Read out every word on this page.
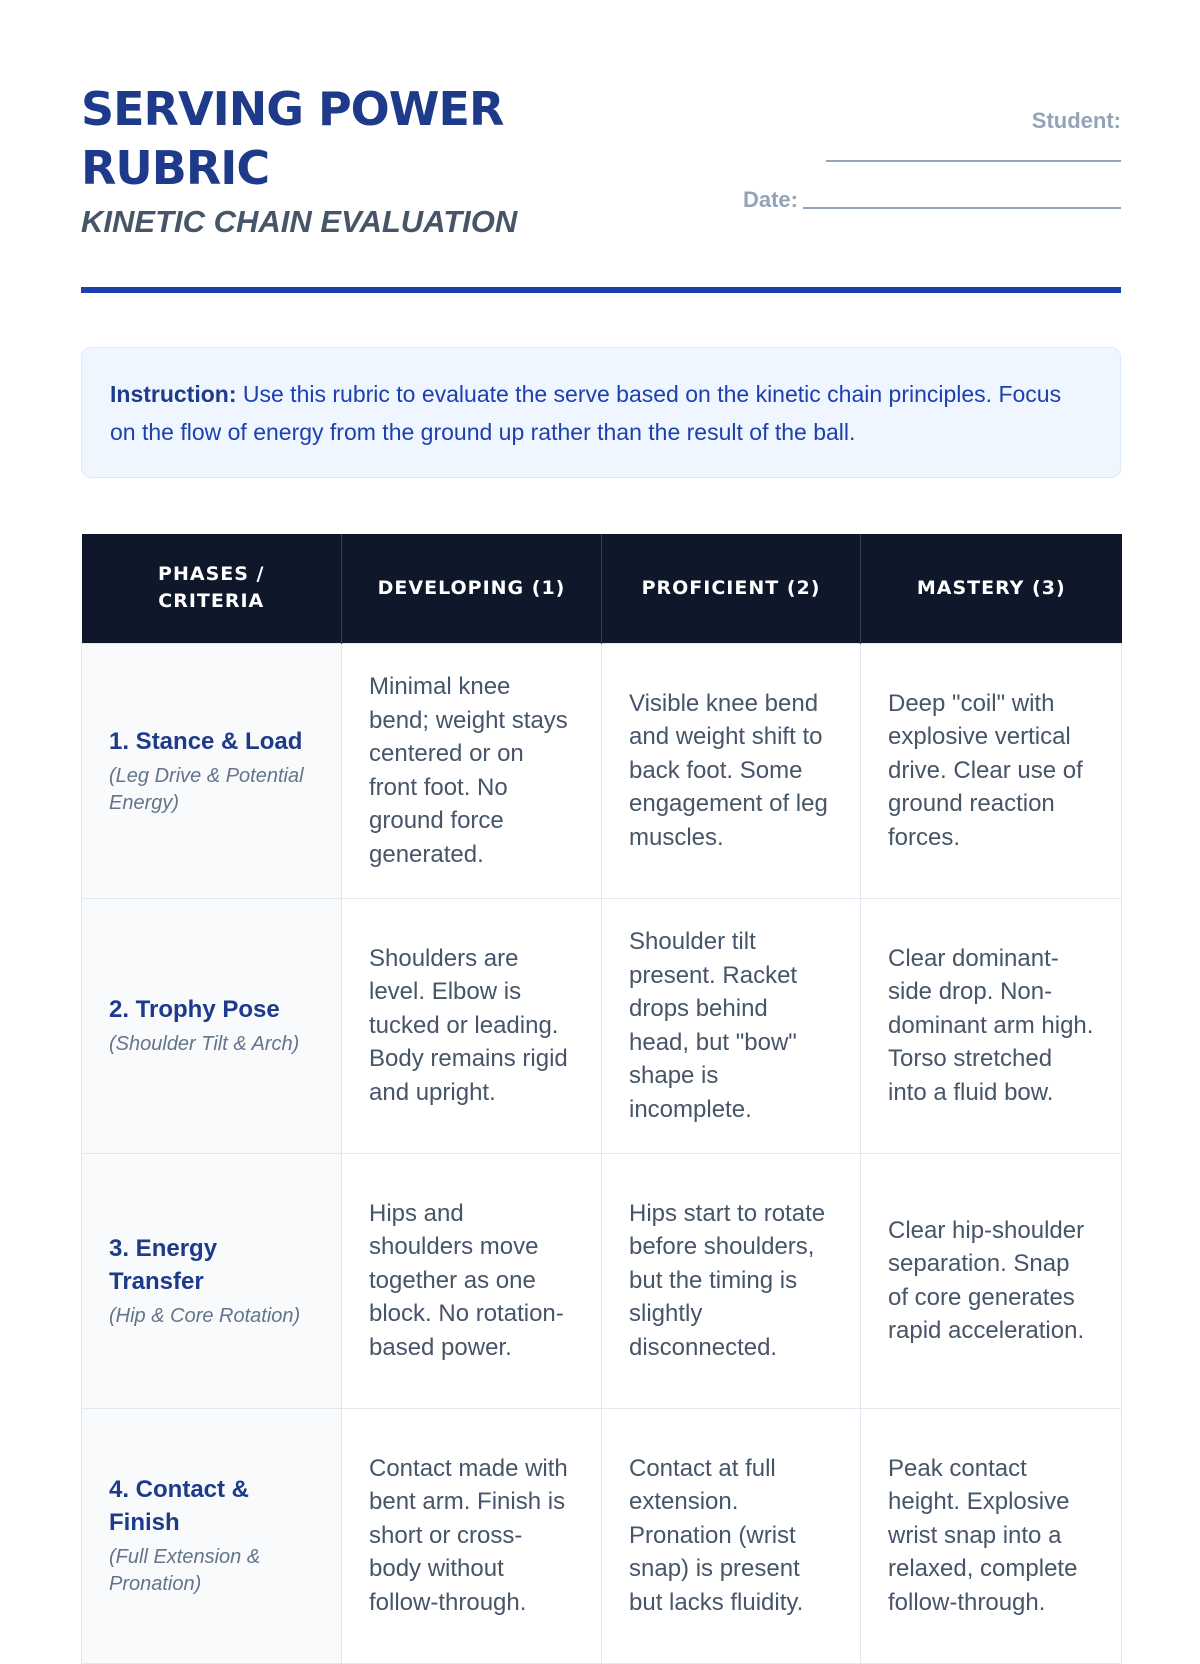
SERVING POWER RUBRIC
KINETIC CHAIN EVALUATION
Student:
Date:
Instruction: Use this rubric to evaluate the serve based on the kinetic chain principles. Focus on the flow of energy from the ground up rather than the result of the ball.
PHASES / CRITERIA	DEVELOPING (1)	PROFICIENT (2)	MASTERY (3)

1. Stance & Load
(Leg Drive & Potential Energy)	Minimal knee bend; weight stays centered or on front foot. No ground force generated.	Visible knee bend and weight shift to back foot. Some engagement of leg muscles.	Deep "coil" with explosive vertical drive. Clear use of ground reaction forces.

2. Trophy Pose
(Shoulder Tilt & Arch)	Shoulders are level. Elbow is tucked or leading. Body remains rigid and upright.	Shoulder tilt present. Racket drops behind head, but "bow" shape is incomplete.	Clear dominant-side drop. Non-dominant arm high. Torso stretched into a fluid bow.

3. Energy Transfer
(Hip & Core Rotation)	Hips and shoulders move together as one block. No rotation-based power.	Hips start to rotate before shoulders, but the timing is slightly disconnected.	Clear hip-shoulder separation. Snap of core generates rapid acceleration.

4. Contact & Finish
(Full Extension & Pronation)	Contact made with bent arm. Finish is short or cross-body without follow-through.	Contact at full extension. Pronation (wrist snap) is present but lacks fluidity.	Peak contact height. Explosive wrist snap into a relaxed, complete follow-through.
